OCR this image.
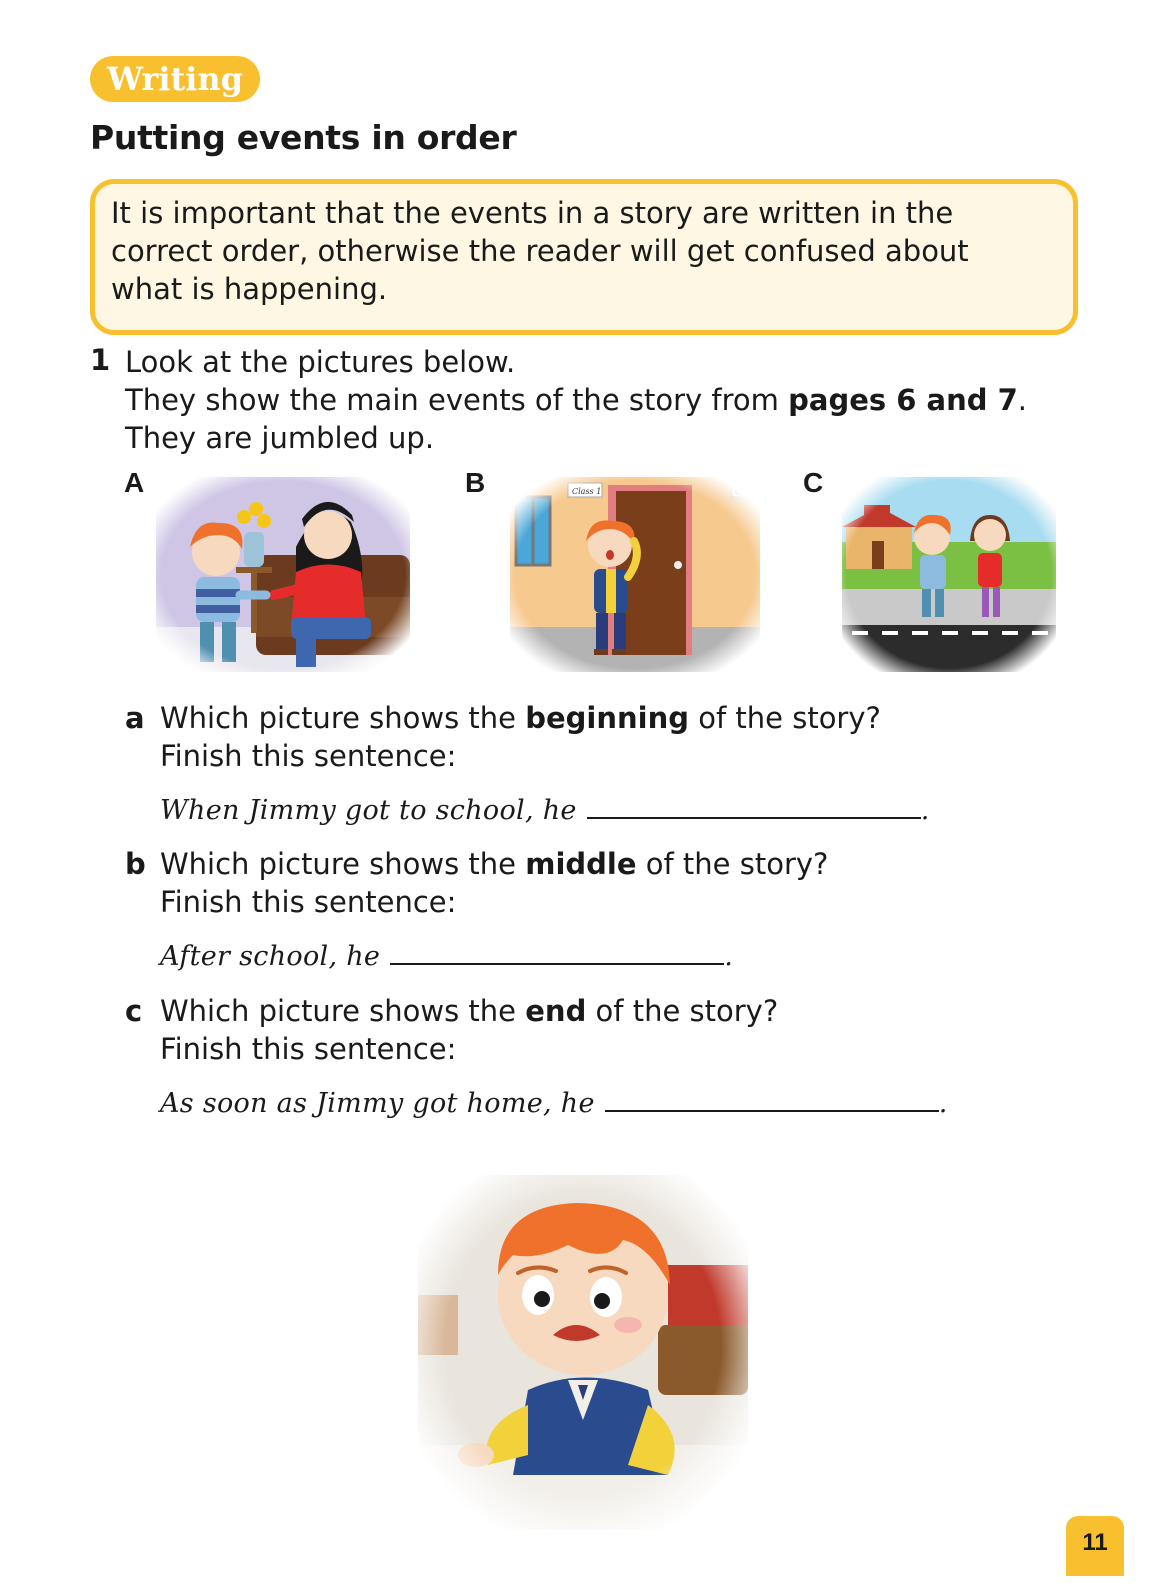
Writing
Putting events in order

It is important that the events in a story are written in the

correct order, otherwise the reader will get confused about

what is happening.

1 Look at the pictures below.
They show the main events of the story from pages 6 and 7.
They are jumbled up.
A	B	C
a Which picture shows the beginning of the story?
Finish this sentence:
When Jimmy got to school, he	.
b Which picture shows the middle of the story?
Finish this sentence:
After school, he	.
c Which picture shows the end of the story?
Finish this sentence:
As soon as Jimmy got home, he	.
11
